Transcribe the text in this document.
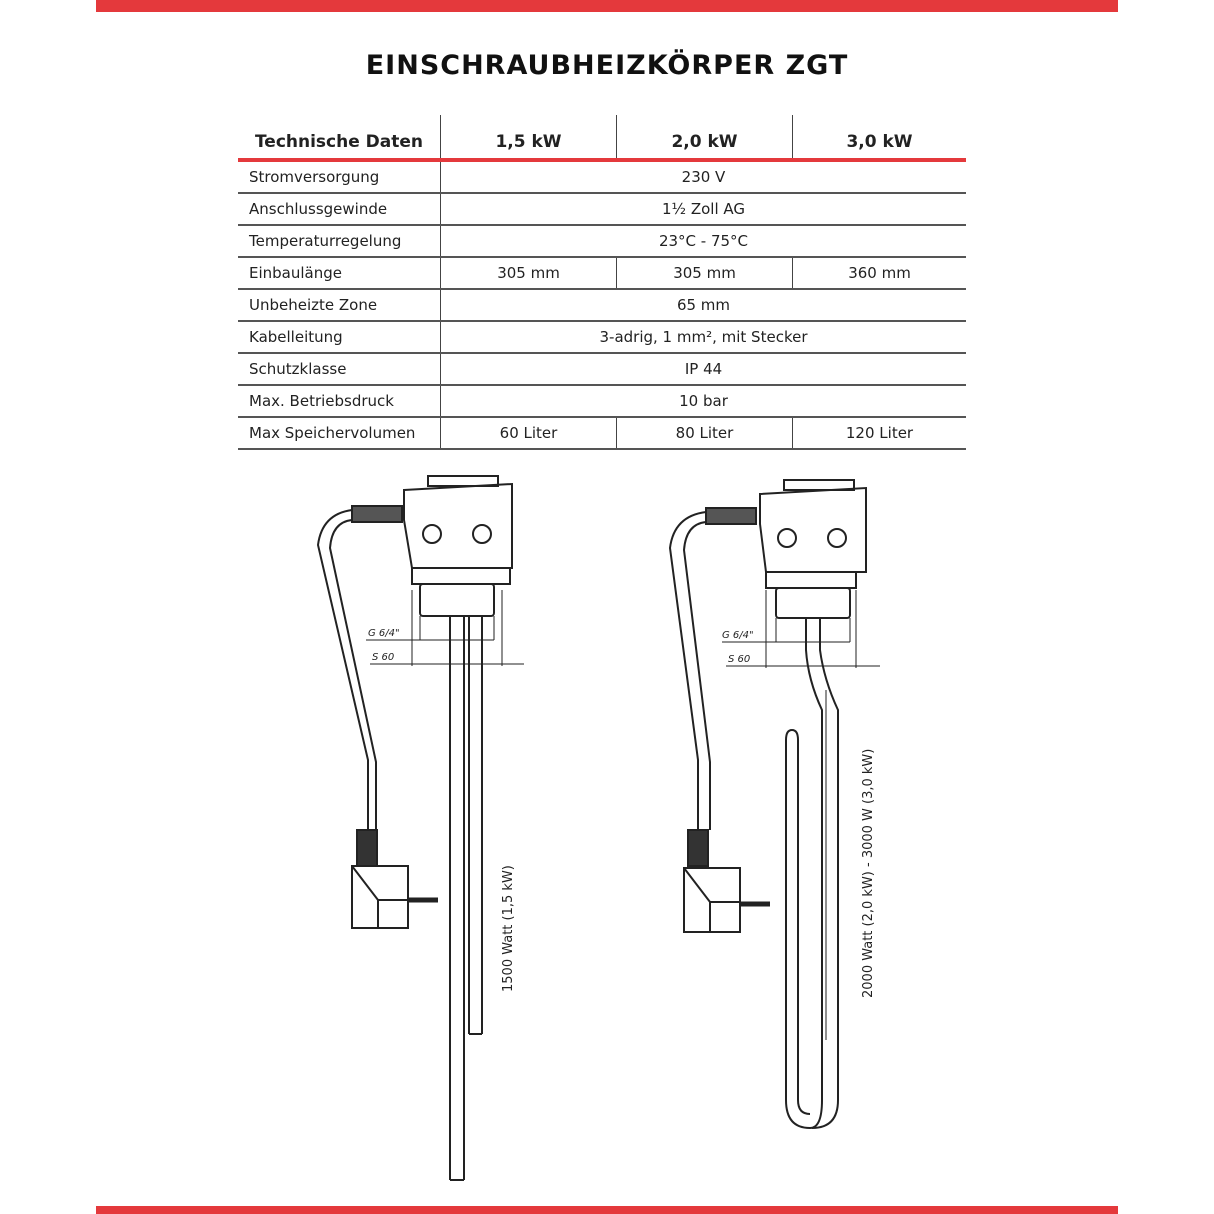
EINSCHRAUBHEIZKÖRPER ZGT
Technische Daten	1,5 kW	2,0 kW	3,0 kW
Stromversorgung	230 V		
Anschlussgewinde	1½ Zoll AG		
Temperaturregelung	23°C - 75°C		
Einbaulänge	305 mm	305 mm	360 mm
Unbeheizte Zone	65 mm		
Kabelleitung	3-adrig, 1 mm², mit Stecker		
Schutzklasse	IP 44		
Max. Betriebsdruck	10 bar		
Max Speichervolumen	60 Liter	80 Liter	120 Liter
G 6/4"
S 60
1500 Watt (1,5 kW)
G 6/4"
S 60
2000 Watt (2,0 kW) - 3000 W (3,0 kW)
